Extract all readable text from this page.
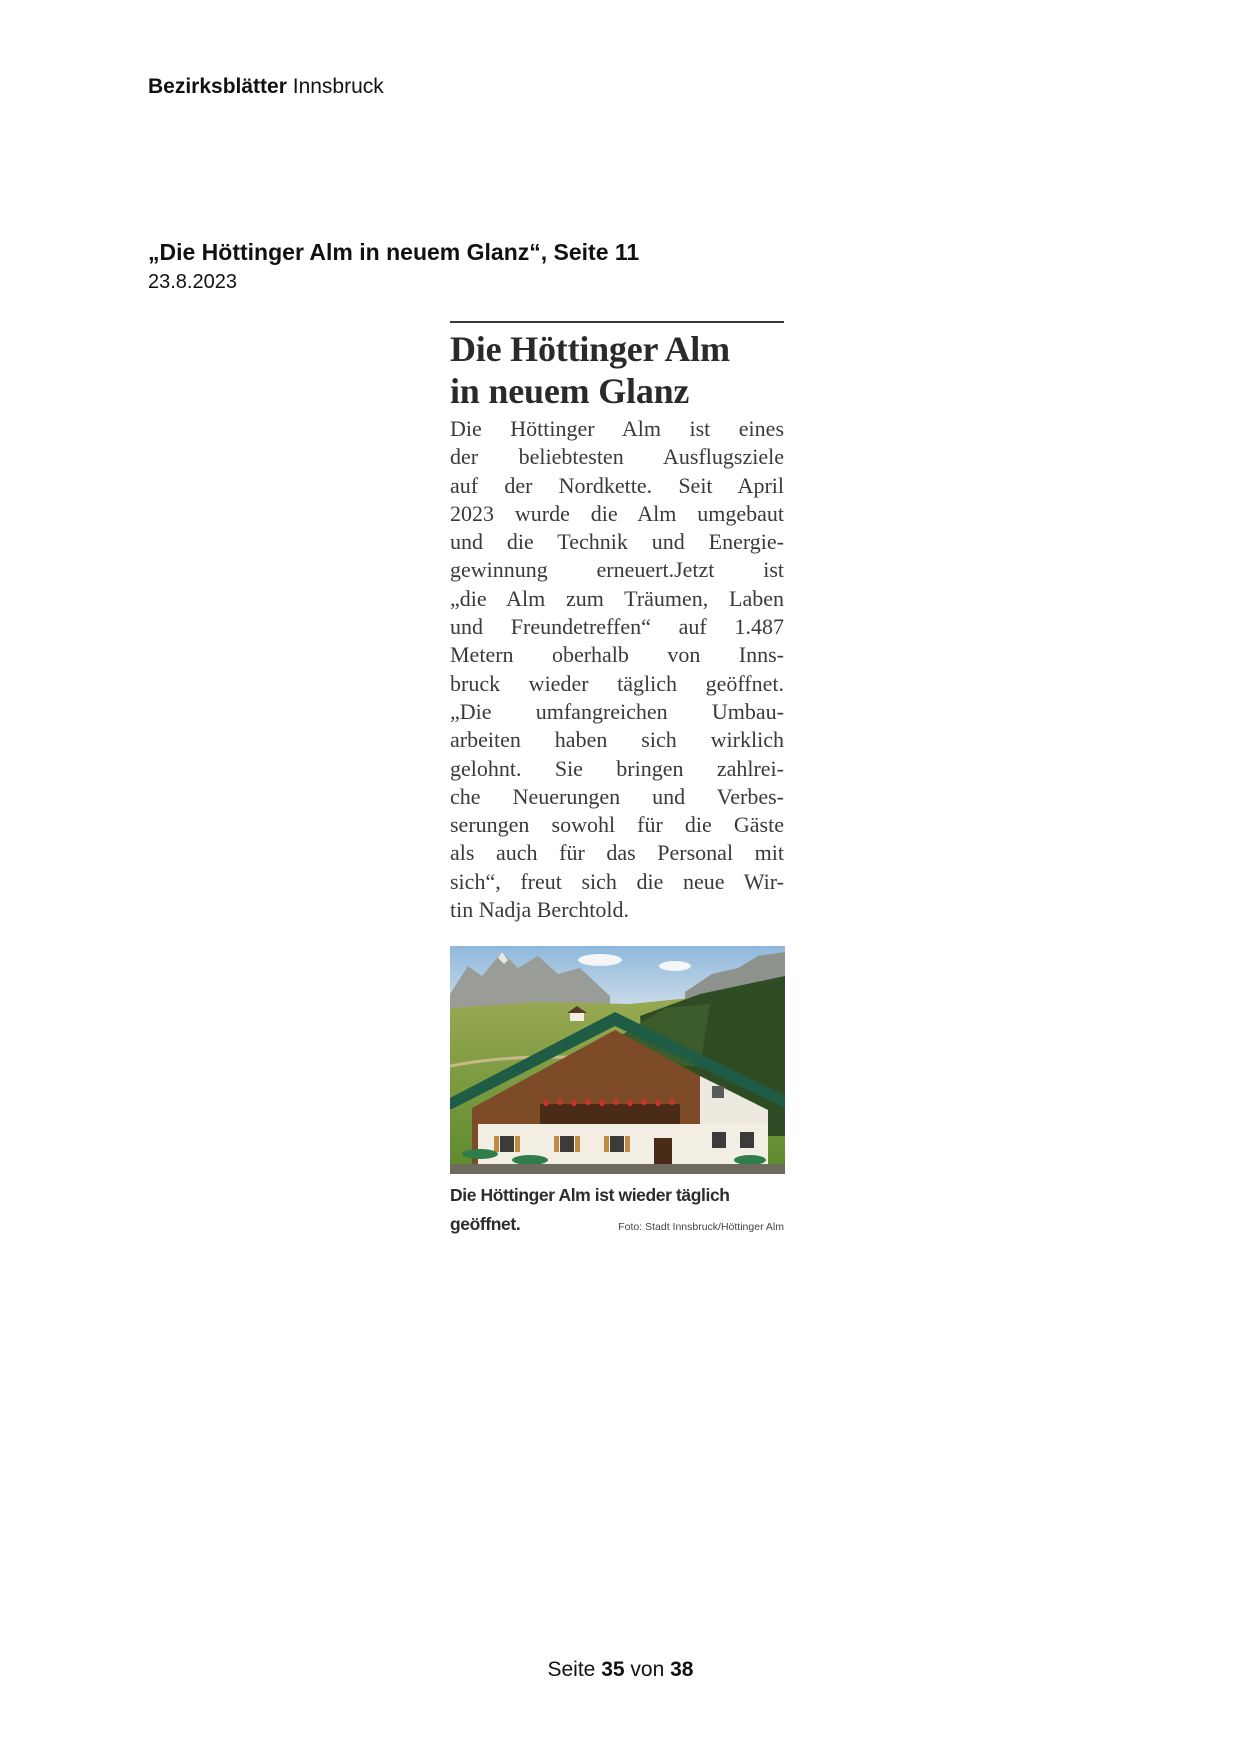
Bezirksblätter Innsbruck
„Die Höttinger Alm in neuem Glanz“, Seite 11
23.8.2023
Die Höttinger Alm
in neuem Glanz
Die Höttinger Alm ist eines
der beliebtesten Ausflugsziele
auf der Nordkette. Seit April
2023 wurde die Alm umgebaut
und die Technik und Energie-
gewinnung erneuert.Jetzt ist
„die Alm zum Träumen, Laben
und Freundetreffen“ auf 1.487
Metern oberhalb von Inns-
bruck wieder täglich geöffnet.
„Die umfangreichen Umbau-
arbeiten haben sich wirklich
gelohnt. Sie bringen zahlrei-
che Neuerungen und Verbes-
serungen sowohl für die Gäste
als auch für das Personal mit
sich“, freut sich die neue Wir-
tin Nadja Berchtold.
Die Höttinger Alm ist wieder täglich
geöffnet.	Foto: Stadt Innsbruck/Höttinger Alm
Seite 35 von 38
